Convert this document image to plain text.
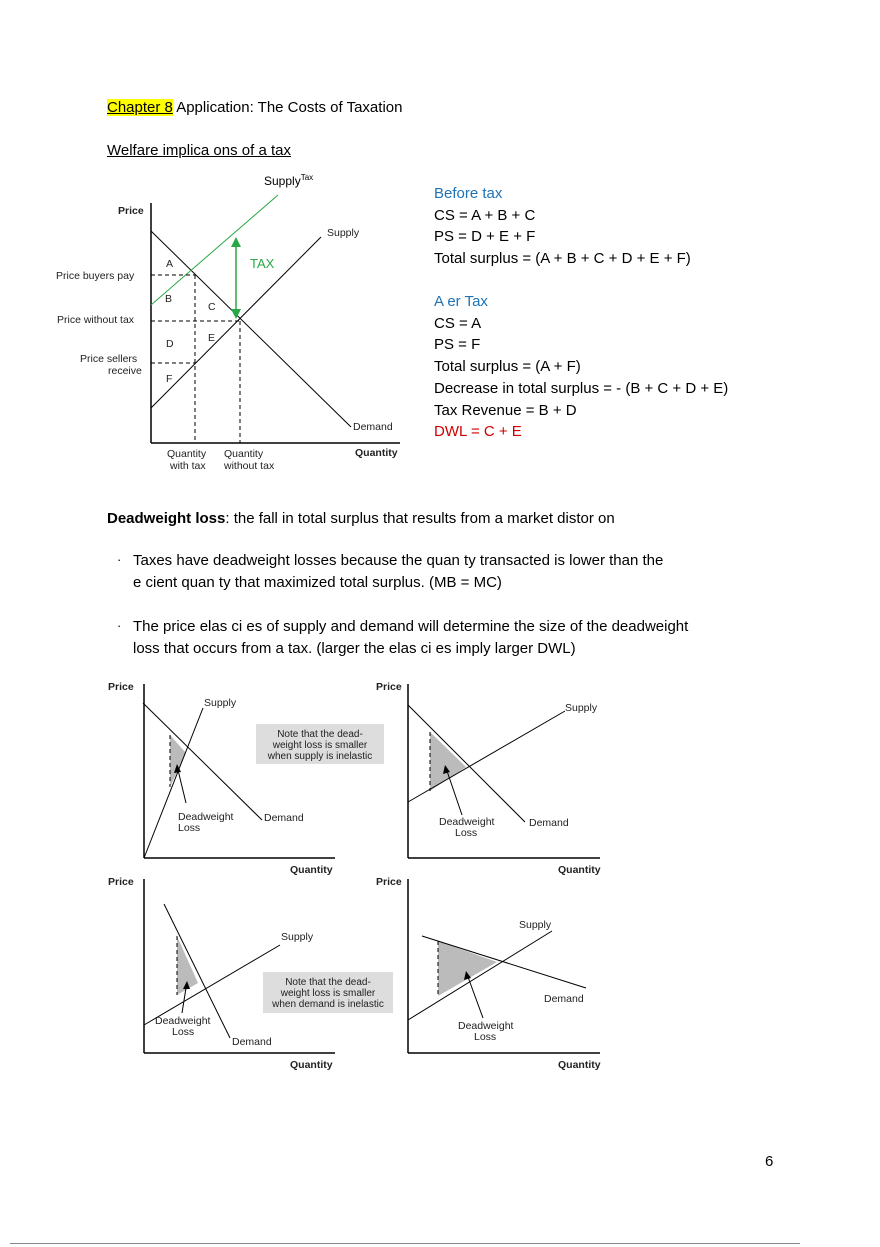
Chapter 8 Application: The Costs of Taxation
Welfare implica ons of a tax
Supply$^{Tax}$
Price
Quantity
Supply
Demand
TAX
Price buyers pay
Price without tax
Price sellers
receive
A
B
C
D	E
F
Quantity
with tax
Quantity
without tax
Before tax
CS = A + B + C
PS = D + E + F
Total surplus = (A + B + C + D + E + F)
A er Tax
CS = A
PS = F
Total surplus = (A + F)
Decrease in total surplus = - (B + C + D + E)
Tax Revenue = B + D
DWL = C + E
Deadweight loss: the fall in total surplus that results from a market distor on
· Taxes have deadweight losses because the quan ty transacted is lower than the
e cient quan ty that maximized total surplus. (MB = MC)
· The price elas ci es of supply and demand will determine the size of the deadweight
loss that occurs from a tax. (larger the elas ci es imply larger DWL)
Price
Quantity
Supply
Demand
Deadweight
Loss
Note that the dead-
weight loss is smaller
when supply is inelastic
Price
Quantity
Supply
Demand
Deadweight
Loss
Price
Quantity
Supply
Demand
Deadweight
Loss
Note that the dead-
weight loss is smaller
when demand is inelastic
Price
Quantity
Supply
Demand
Deadweight
Loss
6
